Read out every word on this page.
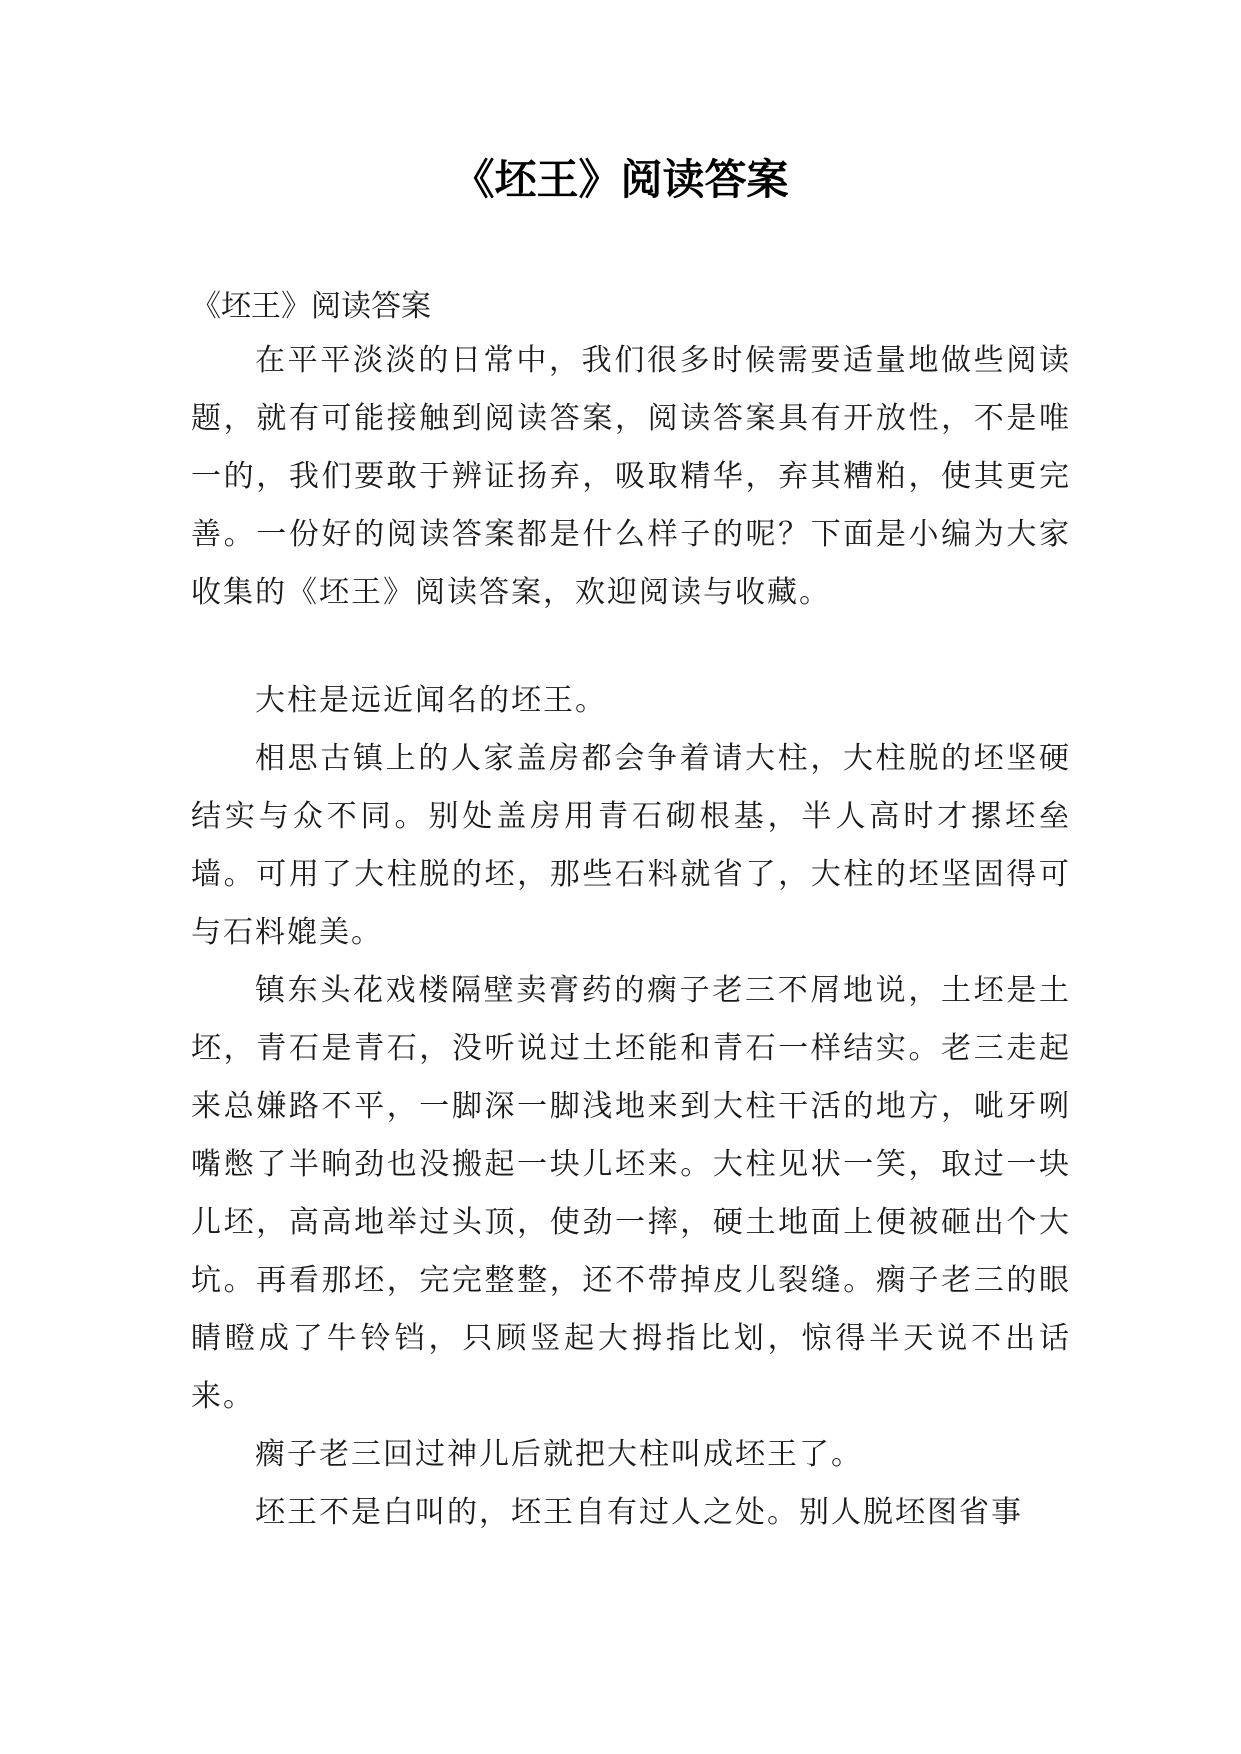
《坯王》阅读答案

《坯王》阅读答案

在平平淡淡的日常中，我们很多时候需要适量地做些阅读题，就有可能接触到阅读答案，阅读答案具有开放性，不是唯一的，我们要敢于辨证扬弃，吸取精华，弃其糟粕，使其更完善。一份好的阅读答案都是什么样子的呢？下面是小编为大家收集的《坯王》阅读答案，欢迎阅读与收藏。

大柱是远近闻名的坯王。

相思古镇上的人家盖房都会争着请大柱，大柱脱的坯坚硬结实与众不同。别处盖房用青石砌根基，半人高时才摞坯垒墙。可用了大柱脱的坯，那些石料就省了，大柱的坯坚固得可与石料媲美。

镇东头花戏楼隔壁卖膏药的瘸子老三不屑地说，土坯是土坯，青石是青石，没听说过土坯能和青石一样结实。老三走起来总嫌路不平，一脚深一脚浅地来到大柱干活的地方，呲牙咧嘴憋了半晌劲也没搬起一块儿坯来。大柱见状一笑，取过一块儿坯，高高地举过头顶，使劲一摔，硬土地面上便被砸出个大坑。再看那坯，完完整整，还不带掉皮儿裂缝。瘸子老三的眼睛瞪成了牛铃铛，只顾竖起大拇指比划，惊得半天说不出话来。

瘸子老三回过神儿后就把大柱叫成坯王了。

坯王不是白叫的，坯王自有过人之处。别人脱坯图省事
